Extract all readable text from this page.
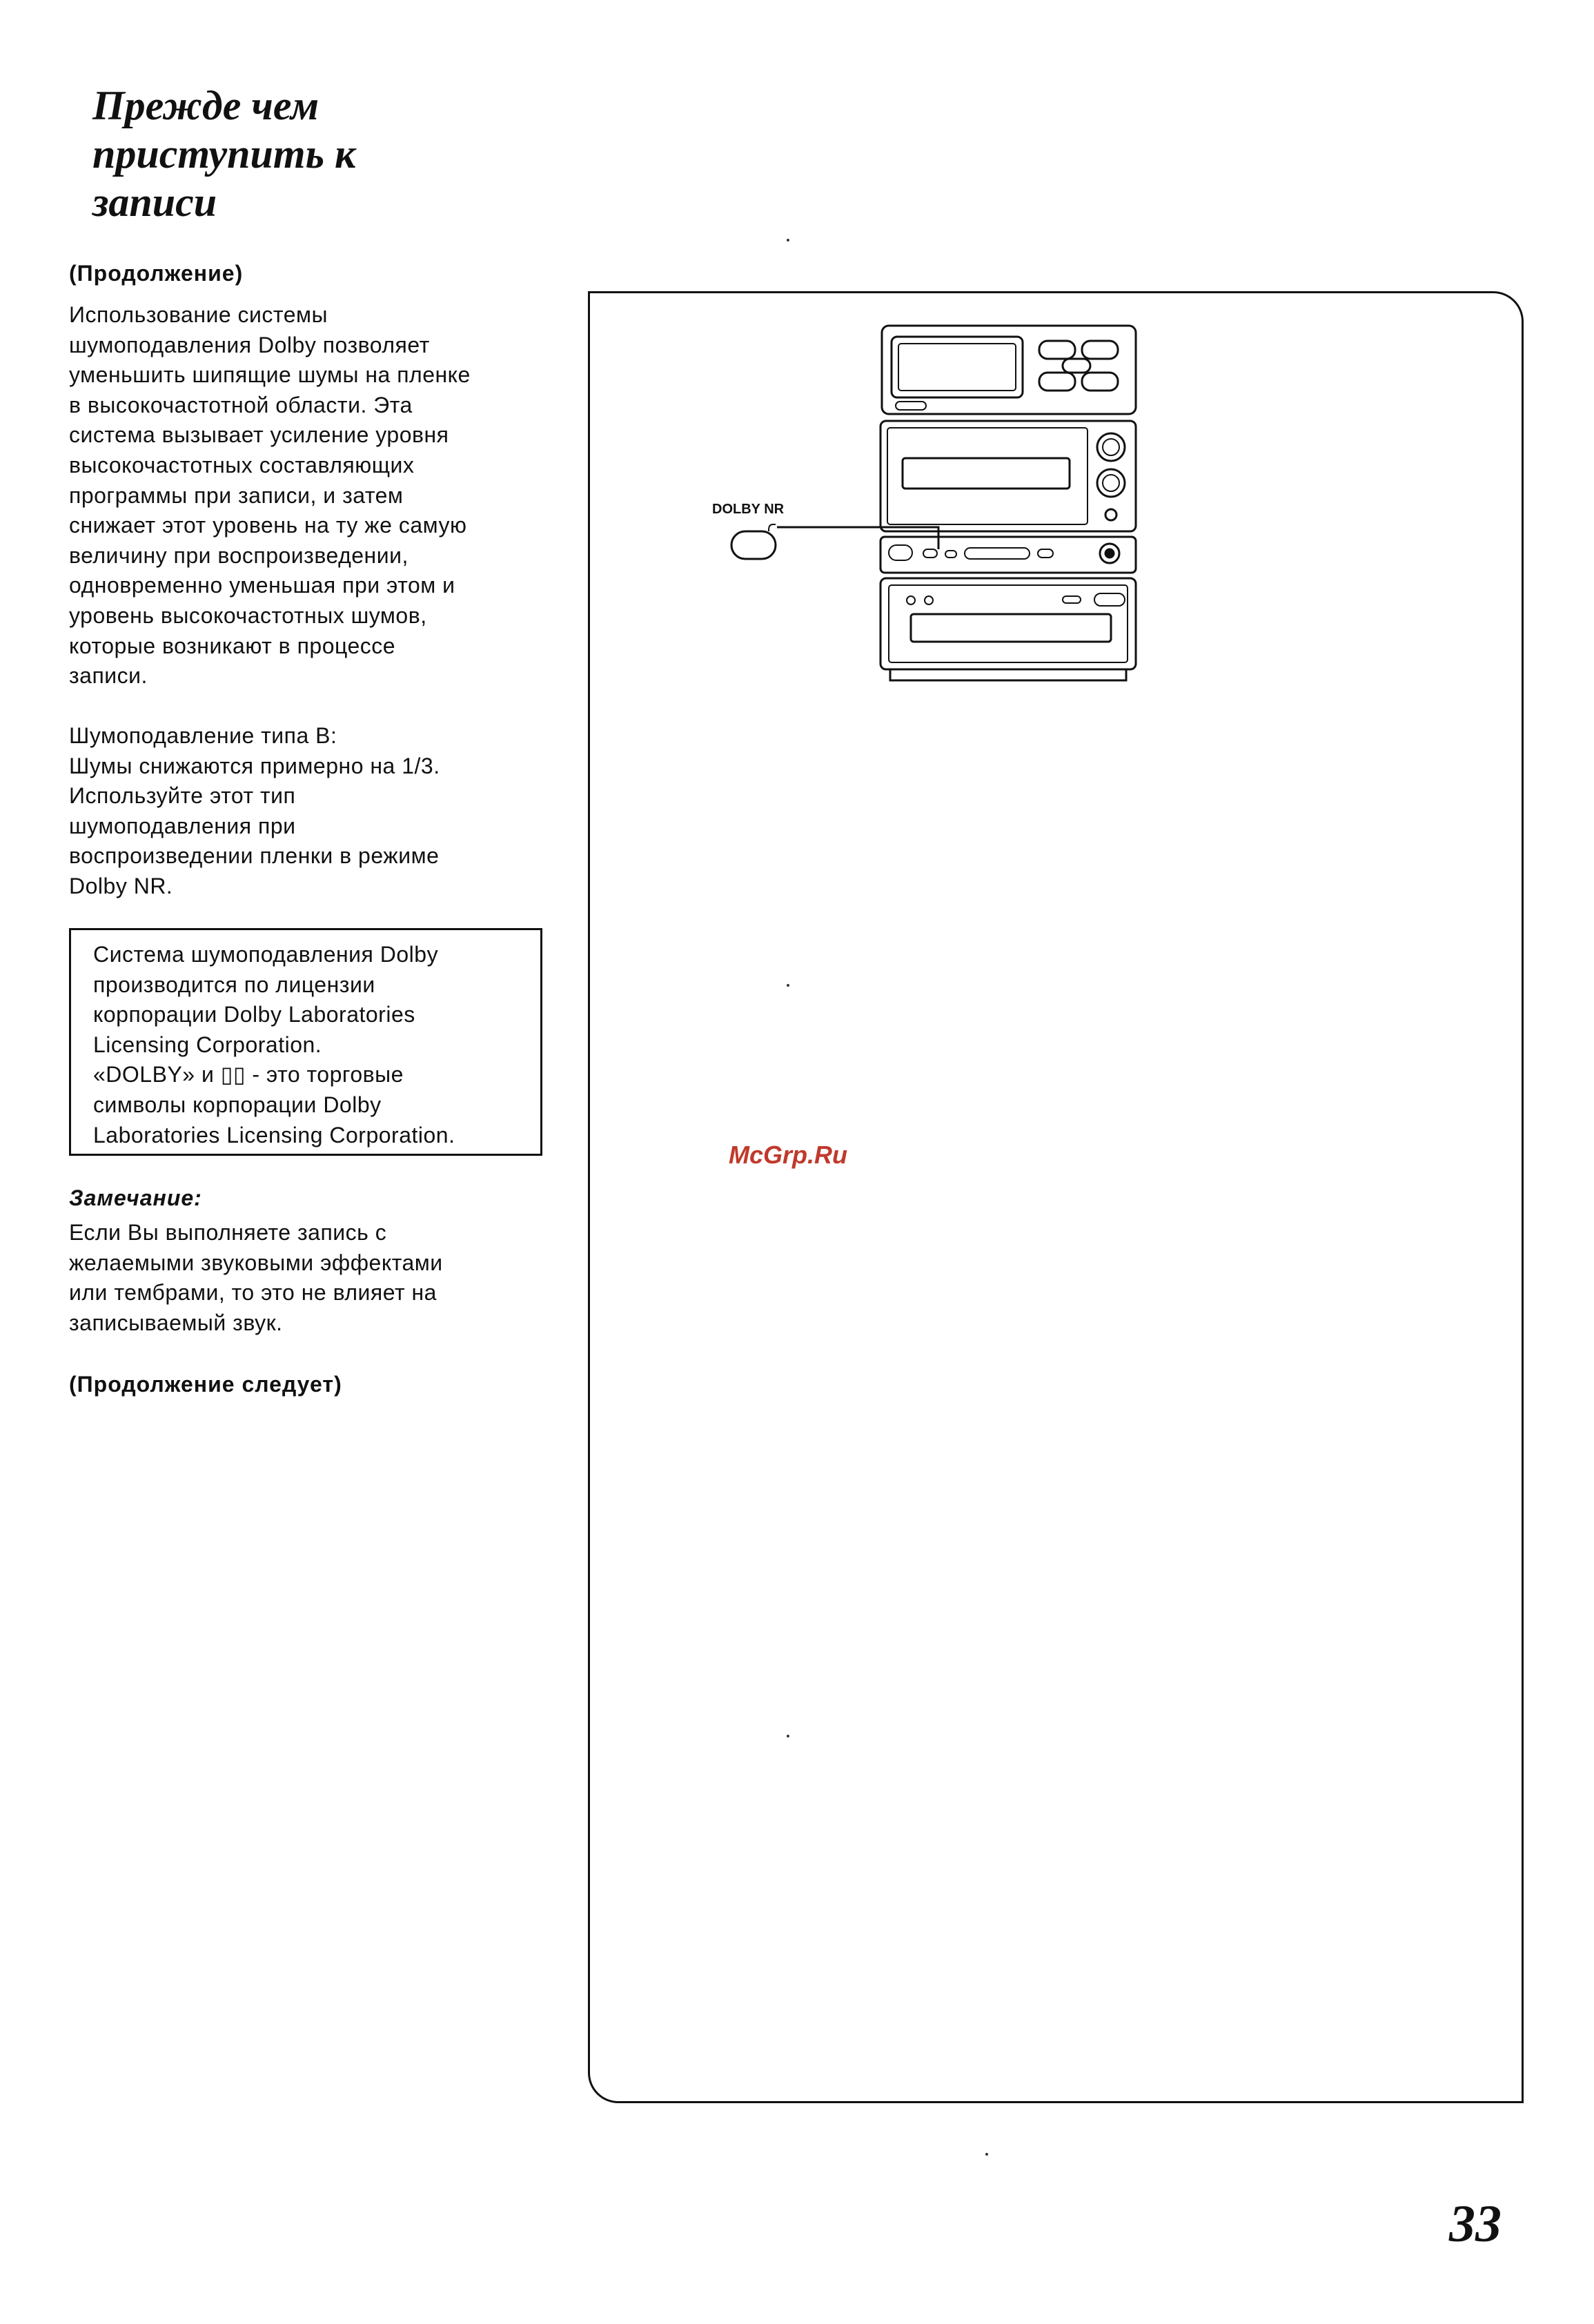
Прежде чем
приступить к
записи

(Продолжение)

Использование системы
шумоподавления Dolby позволяет
уменьшить шипящие шумы на пленке
в высокочастотной области. Эта
система вызывает усиление уровня
высокочастотных составляющих
программы при записи, и затем
снижает этот уровень на ту же самую
величину при воспроизведении,
одновременно уменьшая при этом и
уровень высокочастотных шумов,
которые возникают в процессе
записи.
Шумоподавление типа B:
Шумы снижаются примерно на 1/3.
Используйте этот тип
шумоподавления при
воспроизведении пленки в режиме
Dolby NR.
Система шумоподавления Dolby
производится по лицензии
корпорации Dolby Laboratories
Licensing Corporation.
«DOLBY» и ▯▯ - это торговые
символы корпорации Dolby
Laboratories Licensing Corporation.

Замечание:

Если Вы выполняете запись с
желаемыми звуковыми эффектами
или тембрами, то это не влияет на
записываемый звук.

(Продолжение следует)

DOLBY NR
McGrp.Ru
33
